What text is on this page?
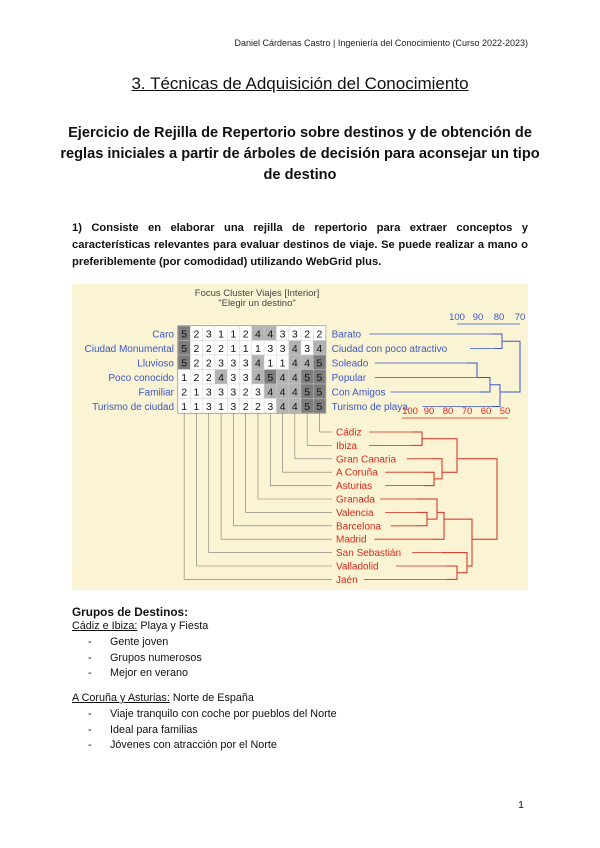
Daniel Cárdenas Castro | Ingeniería del Conocimiento (Curso 2022-2023)
3. Técnicas de Adquisición del Conocimiento
Ejercicio de Rejilla de Repertorio sobre destinos y de obtención de reglas iniciales a partir de árboles de decisión para aconsejar un tipo de destino
1) Consiste en elaborar una rejilla de repertorio para extraer conceptos y características relevantes para evaluar destinos de viaje. Se puede realizar a mano o preferiblemente (por comodidad) utilizando WebGrid plus.
Focus Cluster Viajes [Interior]
"Elegir un destino"
5 2 3 1 1 2 4 4 3 3 2 2
5 2 2 2 1 1 1 3 3 4 3 4
5 2 2 3 3 3 4 1 1 4 4 5
1 2 2 4 3 3 4 5 4 4 5 5
2 1 3 3 3 2 3 4 4 4 5 5
1 1 3 1 3 2 2 3 4 4 5 5
Caro
Ciudad Monumental
Lluvioso
Poco conocido
Familiar
Turismo de ciudad
Barato
Ciudad con poco atractivo
Soleado
Popular
Con Amigos
Turismo de playa
100 90 80 70
100 90 80 70 60 50
Cádiz
Ibiza
Gran Canaria
A Coruña
Asturias
Granada
Valencia
Barcelona
Madrid
San Sebastián
Valladolid
Jaén
Grupos de Destinos:
Cádiz e Ibiza: Playa y Fiesta
- Gente joven
- Grupos numerosos
- Mejor en verano
A Coruña y Asturias: Norte de España
- Viaje tranquilo con coche por pueblos del Norte
- Ideal para familias
- Jóvenes con atracción por el Norte
1
